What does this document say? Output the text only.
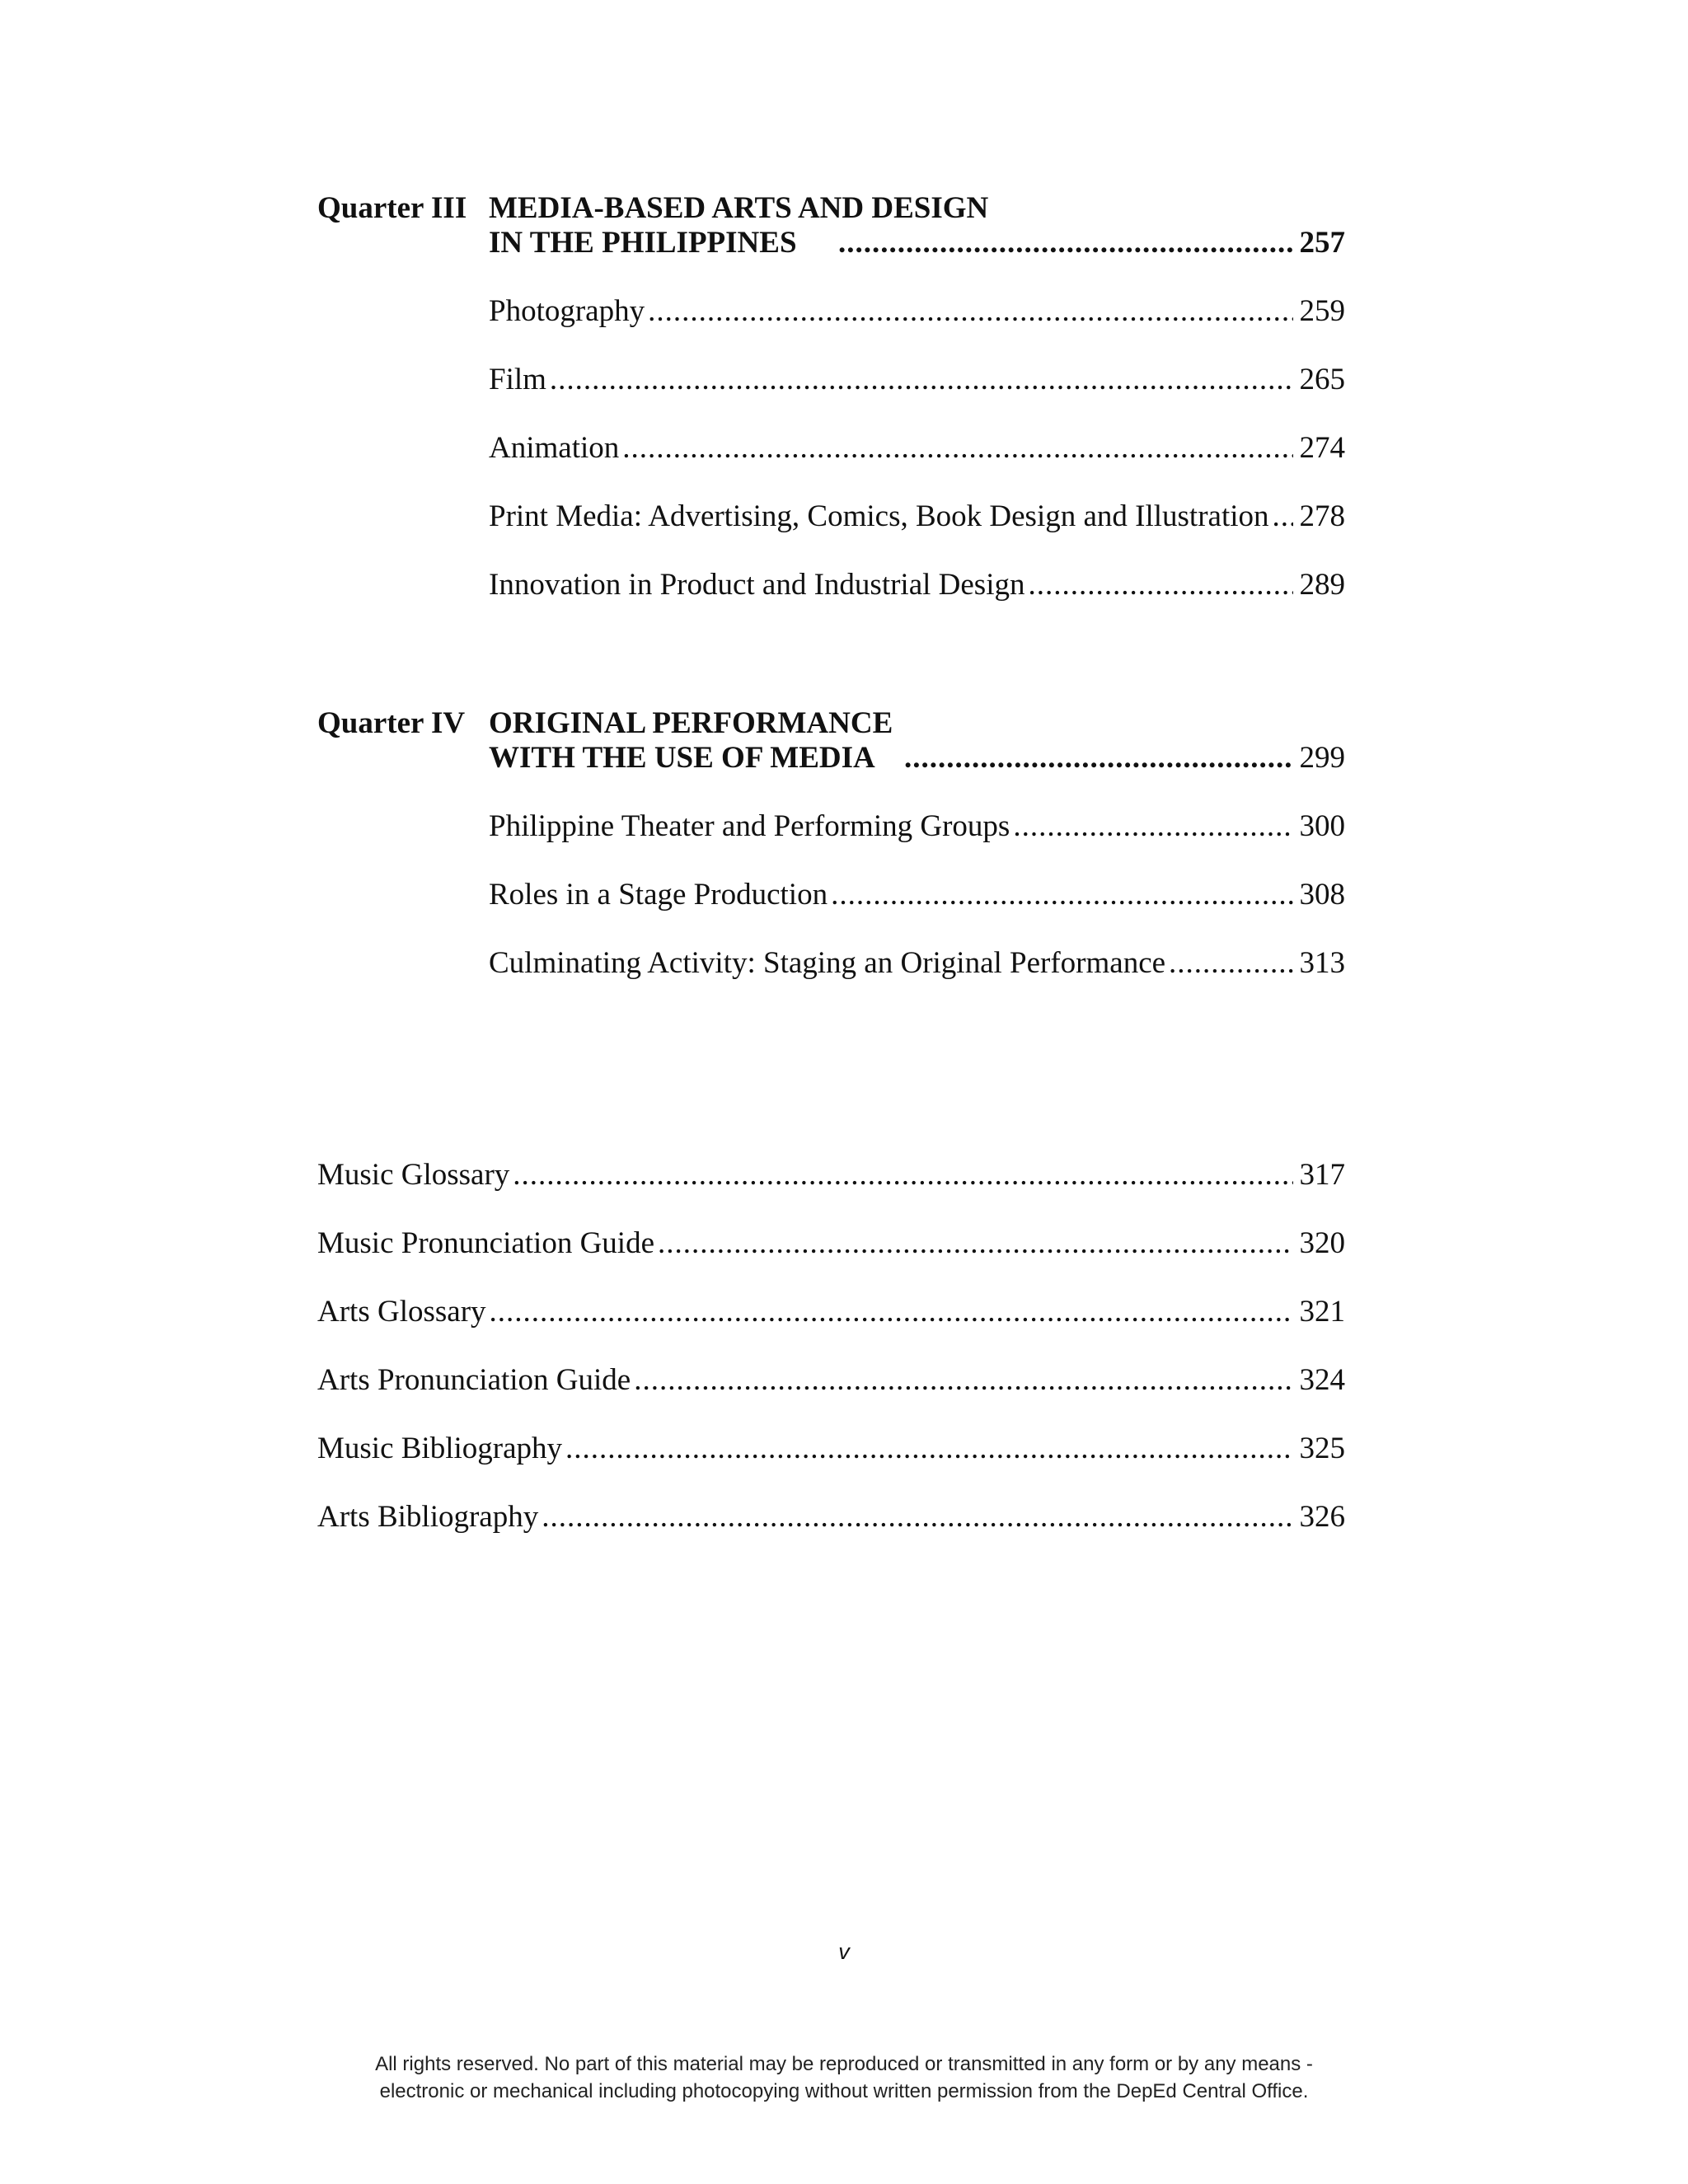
Quarter III MEDIA-BASED ARTS AND DESIGN
IN THE PHILIPPINES .....	257
Photography .....	259
Film .....	265
Animation .....	274
Print Media: Advertising, Comics, Book Design and Illustration ..... 278
Innovation in Product and Industrial Design .....	289
Quarter IV ORIGINAL PERFORMANCE
WITH THE USE OF MEDIA .....	299
Philippine Theater and Performing Groups .....	300
Roles in a Stage Production .....	308
Culminating Activity: Staging an Original Performance .....	313
Music Glossary .....	317
Music Pronunciation Guide .....	320
Arts Glossary .....	321
Arts Pronunciation Guide .....	324
Music Bibliography .....	325
Arts Bibliography .....	326
v
All rights reserved. No part of this material may be reproduced or transmitted in any form or by any means -
electronic or mechanical including photocopying without written permission from the DepEd Central Office.
